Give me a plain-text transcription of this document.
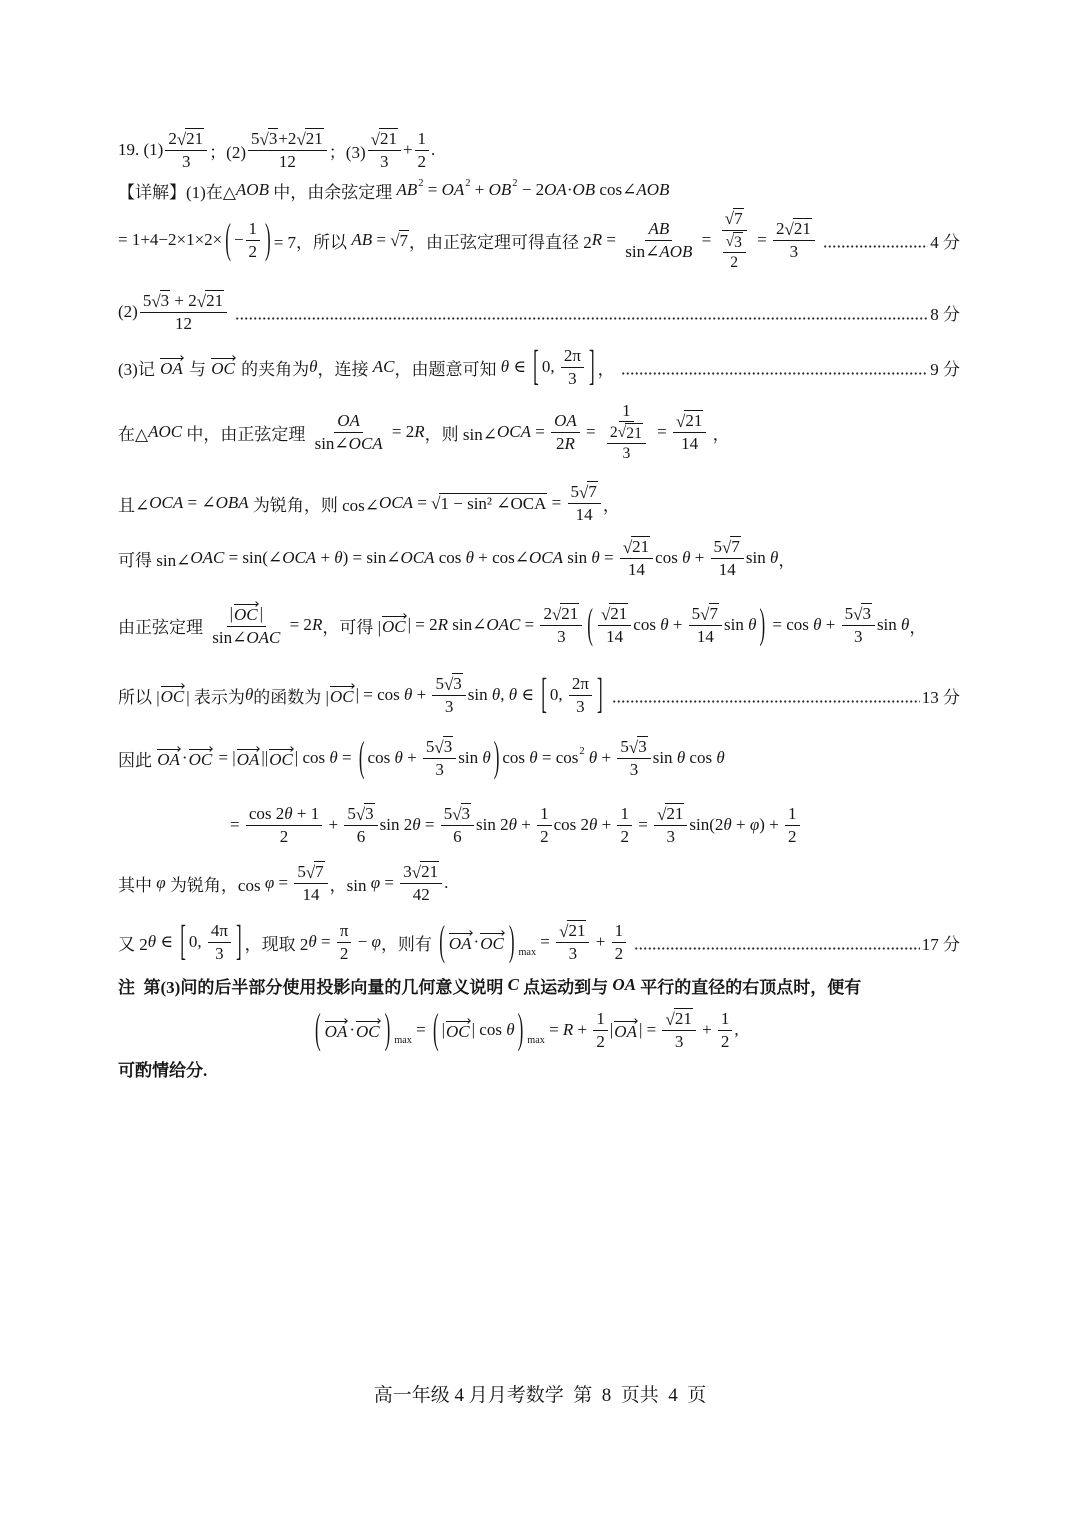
19. $(1) \frac{2 √ 21}{3}$ ；$(2) \frac{5 √ 3 +2 √ 21}{12}$ ；$(3) \frac{√ 21}{3} + \frac{1}{2}$ .
【详解】(1)在△ AOB 中，由余弦定理 AB 2 = OA 2 + OB 2 − 2 OA · OB cos∠ AOB
= 1+4−2×1×2× ( − $\frac{1}{2}$ ) = 7，所以 AB = √ 7 ，由正弦定理可得直径 2 $R = \frac{AB}{\text{sin∠ AOB}} = \frac{√ 7}{\frac{√ 3}{2}} = \frac{2 √ 21}{3}$	4 分
$(2) \frac{5 √ 3 + 2 √ 21}{12}$	8 分
(3)记 OA 与 OC 的夹角为 θ ，连接 AC ，由题意可知 θ ∈ [ 0, $\frac{2\pi}{3}$ ] ，	9 分
在△ AOC 中，由正弦定理 $\frac{OA}{\text{sin∠ OCA}} = 2$ R ，则 sin∠ OCA = $\frac{OA}{2 R} = \frac{1}{\frac{2 √ 21}{3}} = \frac{√ 21}{14}$ ，
且∠ OCA = ∠ OBA 为锐角，则 cos∠ OCA = √ 1 − sin² ∠OCA = $\frac{5 √ 7}{14}$ ，
可得 sin∠ OAC = sin(∠ OCA + θ ) = sin∠ OCA cos θ + cos∠ OCA $\sin \theta = \frac{√ 21}{14}$ $\cos \theta + \frac{5 √ 7}{14}$ sin θ ，
由正弦定理 $\frac{| OC |}{\text{sin∠ OAC}} = 2$ R ，可得 | OC | = 2 R sin∠ OAC = $\frac{2 √ 21}{3}$ ( $\frac{√ 21}{14}$ $\cos \theta + \frac{5 √ 7}{14}$ sin θ ) = $\cos \theta + \frac{5 √ 3}{3}$ sin θ ，
所以 | OC | 表示为 θ 的函数为 | OC | = $\cos \theta + \frac{5 √ 3}{3}$ sin θ , θ ∈ [ 0, $\frac{2\pi}{3}$ ]	13 分
因此 OA · OC = | OA || OC | cos θ = ( $\cos \theta + \frac{5 √ 3}{3}$ sin θ ) cos θ = cos 2
$\theta + \frac{5 √ 3}{3}$ sin θ cos θ
= $\frac{\cos 2 \theta + 1}{2} + \frac{5 √ 3}{6}$ sin 2 $\theta = \frac{5 √ 3}{6}$ sin 2 $\theta + \frac{1}{2}$ cos 2 $\theta + \frac{1}{2} = \frac{√ 21}{3} \sin(2$ θ + φ ) + $\frac{1}{2}$
其中 φ 为锐角，$\cos \varphi = \frac{5 √ 7}{14}$ ，$\sin \varphi = \frac{3 √ 21}{42}$ .
又 2 θ ∈ [ 0, $\frac{4\pi}{3}$ ] ，现取 2 $\theta = \frac{\pi}{2} - \varphi$ ，则有 ( OA · OC ) max
= $\frac{√ 21}{3} + \frac{1}{2}$	17 分
注  第(3)问的后半部分使用投影向量的几何意义说明 C 点运动到与 OA 平行的直径的右顶点时，便有
( OA · OC ) max
= ( | OC | cos θ ) max
= $R + \frac{1}{2}$ | OA | = $\frac{√ 21}{3} + \frac{1}{2}$ ,
可酌情给分.
高一年级 4 月月考数学  第  8  页共  4  页
